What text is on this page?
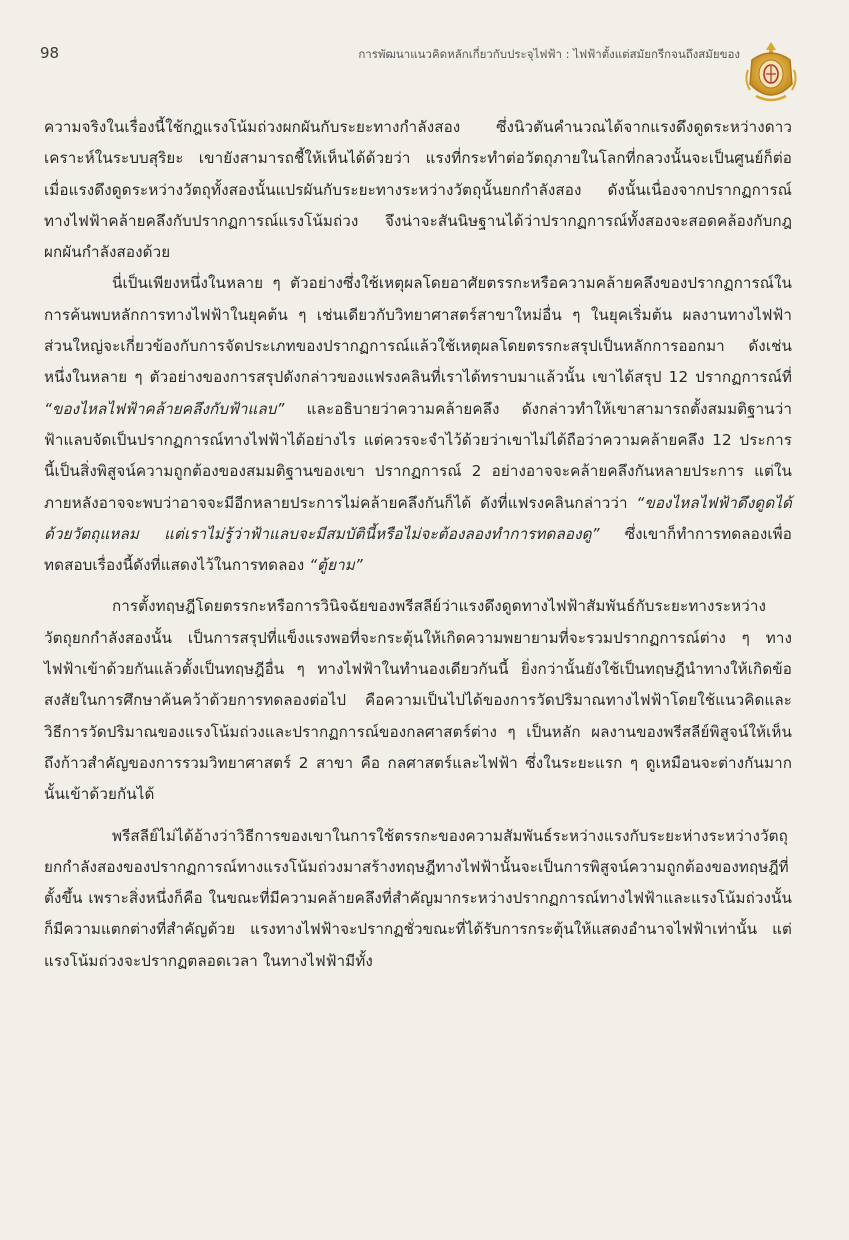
98	การพัฒนาแนวคิดหลักเกี่ยวกับประจุไฟฟ้า : ไฟฟ้าตั้งแต่สมัยกรีกจนถึงสมัยของ

ความจริงในเรื่องนี้ใช้กฎแรงโน้มถ่วงผกผันกับระยะทางกำลังสอง ซึ่งนิวตันคำนวณได้จากแรงดึงดูดระหว่างดาวเคราะห์ในระบบสุริยะ เขายังสามารถชี้ให้เห็นได้ด้วยว่า แรงที่กระทำต่อวัตถุภายในโลกที่กลวงนั้นจะเป็นศูนย์ก็ต่อเมื่อแรงดึงดูดระหว่างวัตถุทั้งสองนั้นแปรผันกับระยะทางระหว่างวัตถุนั้นยกกำลังสอง ดังนั้นเนื่องจากปรากฏการณ์ทางไฟฟ้าคล้ายคลึงกับปรากฏการณ์แรงโน้มถ่วง จึงน่าจะสันนิษฐานได้ว่าปรากฏการณ์ทั้งสองจะสอดคล้องกับกฎผกผันกำลังสองด้วย

นี่เป็นเพียงหนึ่งในหลาย ๆ ตัวอย่างซึ่งใช้เหตุผลโดยอาศัยตรรกะหรือความคล้ายคลึงของปรากฏการณ์ในการค้นพบหลักการทางไฟฟ้าในยุคต้น ๆ เช่นเดียวกับวิทยาศาสตร์สาขาใหม่อื่น ๆ ในยุคเริ่มต้น ผลงานทางไฟฟ้าส่วนใหญ่จะเกี่ยวข้องกับการจัดประเภทของปรากฏการณ์แล้วใช้เหตุผลโดยตรรกะสรุปเป็นหลักการออกมา ดังเช่นหนึ่งในหลาย ๆ ตัวอย่างของการสรุปดังกล่าวของแฟรงคลินที่เราได้ทราบมาแล้วนั้น เขาได้สรุป 12 ปรากฏการณ์ที่ “ของไหลไฟฟ้าคล้ายคลึงกับฟ้าแลบ” และอธิบายว่าความคล้ายคลึง ดังกล่าวทำให้เขาสามารถตั้งสมมติฐานว่าฟ้าแลบจัดเป็นปรากฏการณ์ทางไฟฟ้าได้อย่างไร แต่ควรจะจำไว้ด้วยว่าเขาไม่ได้ถือว่าความคล้ายคลึง 12 ประการนี้เป็นสิ่งพิสูจน์ความถูกต้องของสมมติฐานของเขา ปรากฏการณ์ 2 อย่างอาจจะคล้ายคลึงกันหลายประการ แต่ในภายหลังอาจจะพบว่าอาจจะมีอีกหลายประการไม่คล้ายคลึงกันก็ได้ ดังที่แฟรงคลินกล่าวว่า “ของไหลไฟฟ้าดึงดูดได้ด้วยวัตถุแหลม แต่เราไม่รู้ว่าฟ้าแลบจะมีสมบัตินี้หรือไม่จะต้องลองทำการทดลองดู” ซึ่งเขาก็ทำการทดลองเพื่อทดสอบเรื่องนี้ดังที่แสดงไว้ในการทดลอง “ตู้ยาม”

การตั้งทฤษฎีโดยตรรกะหรือการวินิจฉัยของพรีสลีย์ว่าแรงดึงดูดทางไฟฟ้าสัมพันธ์กับระยะทางระหว่างวัตถุยกกำลังสองนั้น เป็นการสรุปที่แข็งแรงพอที่จะกระตุ้นให้เกิดความพยายามที่จะรวมปรากฏการณ์ต่าง ๆ ทางไฟฟ้าเข้าด้วยกันแล้วตั้งเป็นทฤษฎีอื่น ๆ ทางไฟฟ้าในทำนองเดียวกันนี้ ยิ่งกว่านั้นยังใช้เป็นทฤษฎีนำทางให้เกิดข้อสงสัยในการศึกษาค้นคว้าด้วยการทดลองต่อไป คือความเป็นไปได้ของการวัดปริมาณทางไฟฟ้าโดยใช้แนวคิดและวิธีการวัดปริมาณของแรงโน้มถ่วงและปรากฏการณ์ของกลศาสตร์ต่าง ๆ เป็นหลัก ผลงานของพรีสลีย์พิสูจน์ให้เห็นถึงก้าวสำคัญของการรวมวิทยาศาสตร์ 2 สาขา คือ กลศาสตร์และไฟฟ้า ซึ่งในระยะแรก ๆ ดูเหมือนจะต่างกันมากนั้นเข้าด้วยกันได้

พรีสลีย์ไม่ได้อ้างว่าวิธีการของเขาในการใช้ตรรกะของความสัมพันธ์ระหว่างแรงกับระยะห่างระหว่างวัตถุยกกำลังสองของปรากฏการณ์ทางแรงโน้มถ่วงมาสร้างทฤษฎีทางไฟฟ้านั้นจะเป็นการพิสูจน์ความถูกต้องของทฤษฎีที่ตั้งขึ้น เพราะสิ่งหนึ่งก็คือ ในขณะที่มีความคล้ายคลึงที่สำคัญมากระหว่างปรากฏการณ์ทางไฟฟ้าและแรงโน้มถ่วงนั้น ก็มีความแตกต่างที่สำคัญด้วย แรงทางไฟฟ้าจะปรากฏชั่วขณะที่ได้รับการกระตุ้นให้แสดงอำนาจไฟฟ้าเท่านั้น แต่แรงโน้มถ่วงจะปรากฏตลอดเวลา ในทางไฟฟ้ามีทั้ง
